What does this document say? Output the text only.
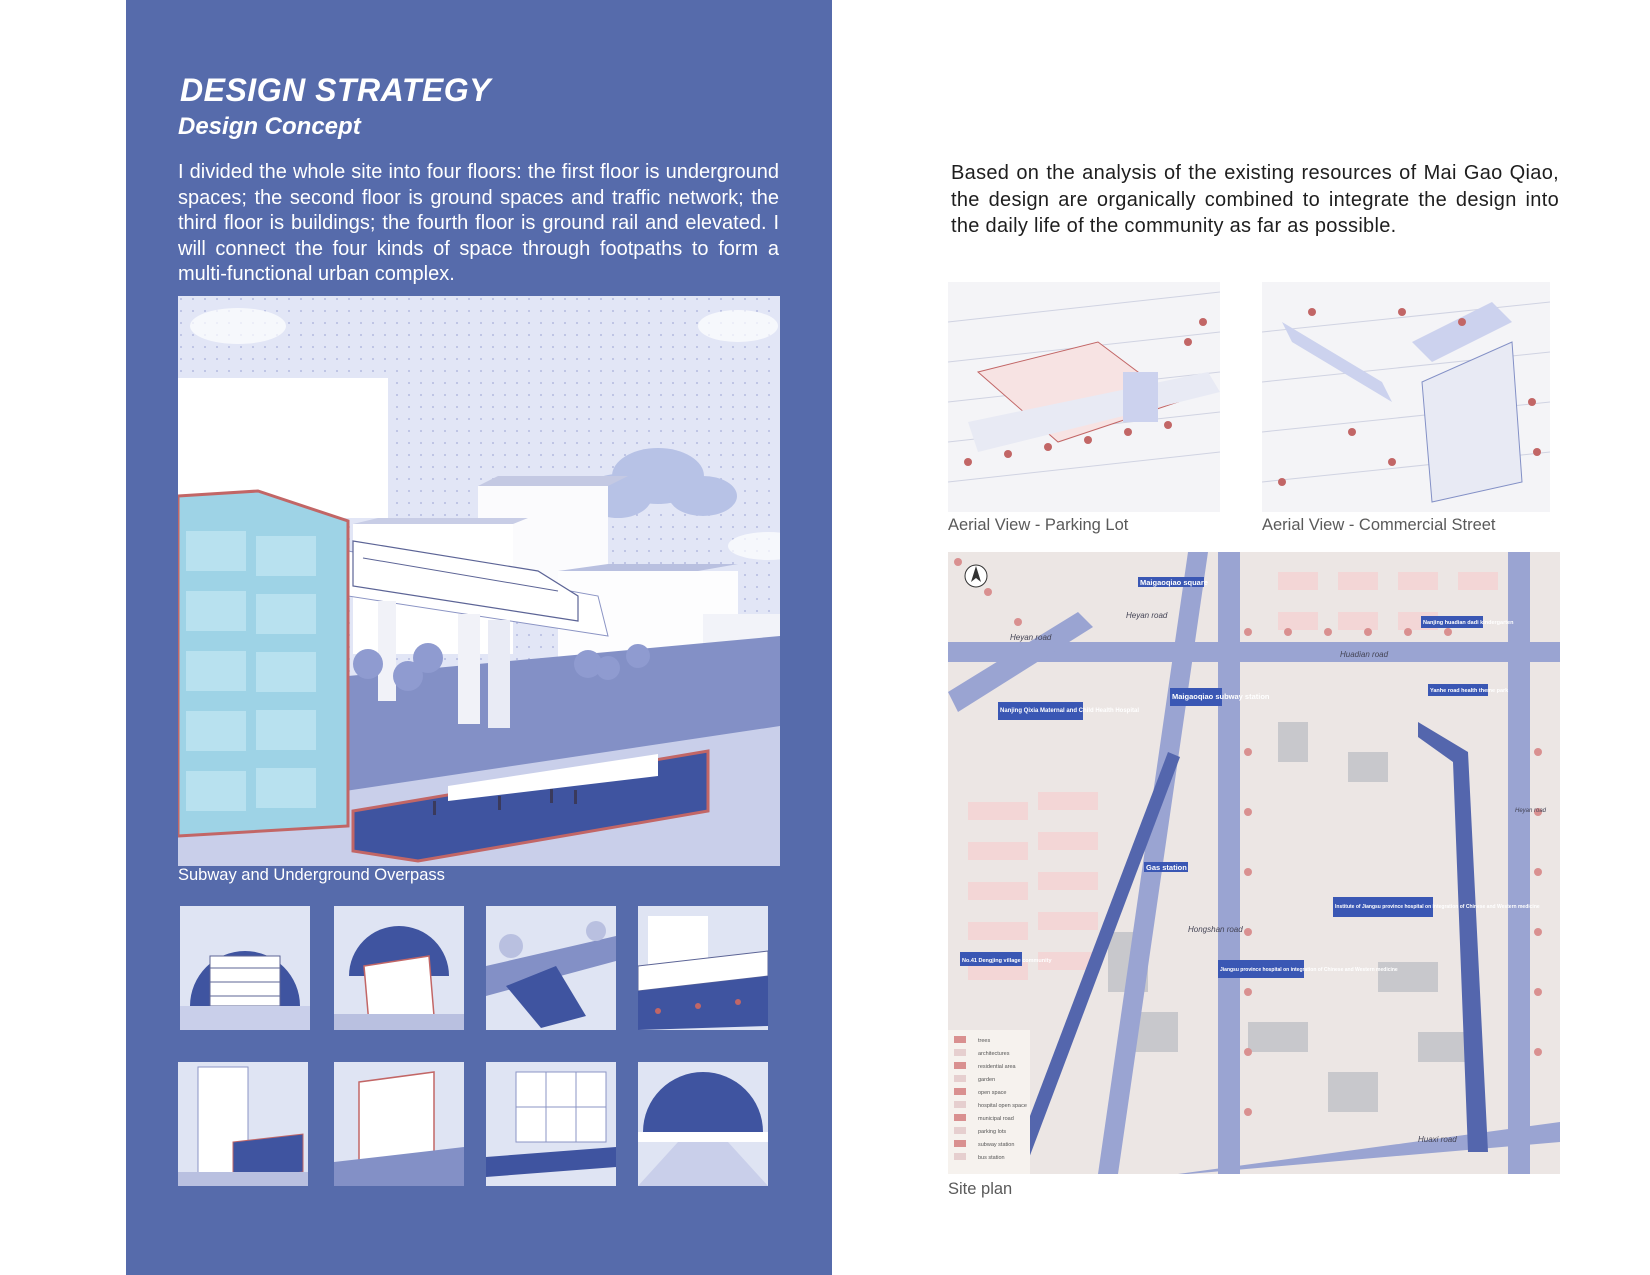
DESIGN STRATEGY
Design Concept
I divided the whole site into four floors: the first floor is underground spaces; the second floor is ground spaces and traffic network; the third floor is buildings; the fourth floor is ground rail and elevated. I will connect the four kinds of space through footpaths to form a multi-functional urban complex.
Subway and Underground Overpass
Based on the analysis of the existing resources of Mai Gao Qiao, the design are organically combined to integrate the design into the daily life of the community as far as possible.
Aerial View - Parking Lot	Aerial View - Commercial Street
Maigaoqiao square
Maigaoqiao subway station
Nanjing Qixia Maternal and Child Health Hospital
Nanjing huadian dadi kindergarten
Yanhe road health theme park
Gas station
Institute of Jiangsu province hospital on integration of Chinese and Western medicine
No.41 Dengjing village community
Jiangsu province hospital on integration of Chinese and Western medicine
Huadian road
Huaxi road
Heyan road
Heyan road
Hongshan road
Heyan road
trees
architectures
residential area
garden
open space
hospital open space
municipal road
parking lots
subway station
bus station
Site plan
